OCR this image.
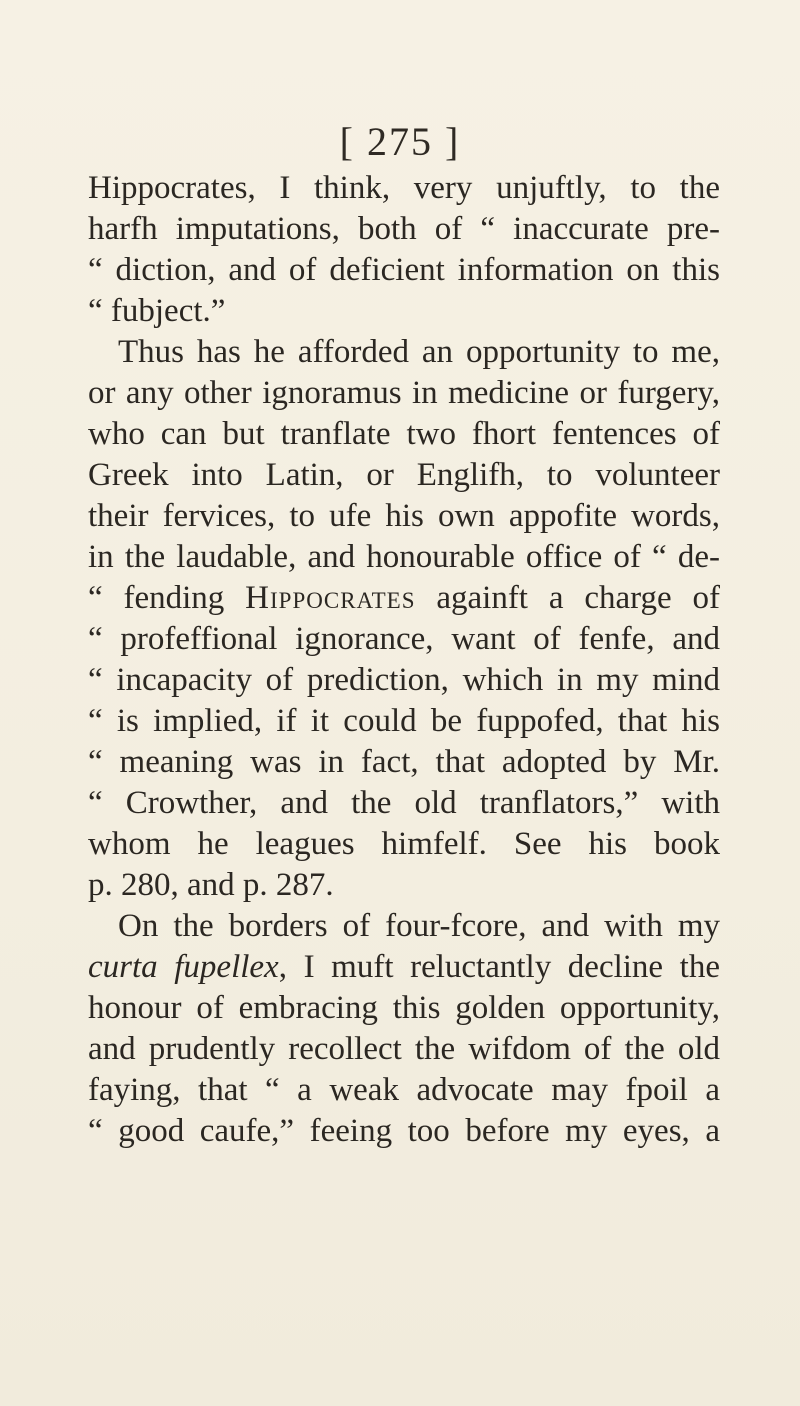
[ 275 ]
Hippocrates, I think, very unjuftly, to the
harfh imputations, both of “ inaccurate pre-
“ diction, and of deficient information on this
“ fubject.”
Thus has he afforded an opportunity to me,
or any other ignoramus in medicine or furgery,
who can but tranflate two fhort fentences of
Greek into Latin, or Englifh, to volunteer
their fervices, to ufe his own appofite words,
in the laudable, and honourable office of “ de-
“ fending Hippocrates againft a charge of
“ profeffional ignorance, want of fenfe, and
“ incapacity of prediction, which in my mind
“ is implied, if it could be fuppofed, that his
“ meaning was in fact, that adopted by Mr.
“ Crowther, and the old tranflators,” with
whom he leagues himfelf. See his book
p. 280, and p. 287.
On the borders of four-fcore, and with my
curta fupellex, I muft reluctantly decline the
honour of embracing this golden opportunity,
and prudently recollect the wifdom of the old
faying, that “ a weak advocate may fpoil a
“ good caufe,” feeing too before my eyes, a
